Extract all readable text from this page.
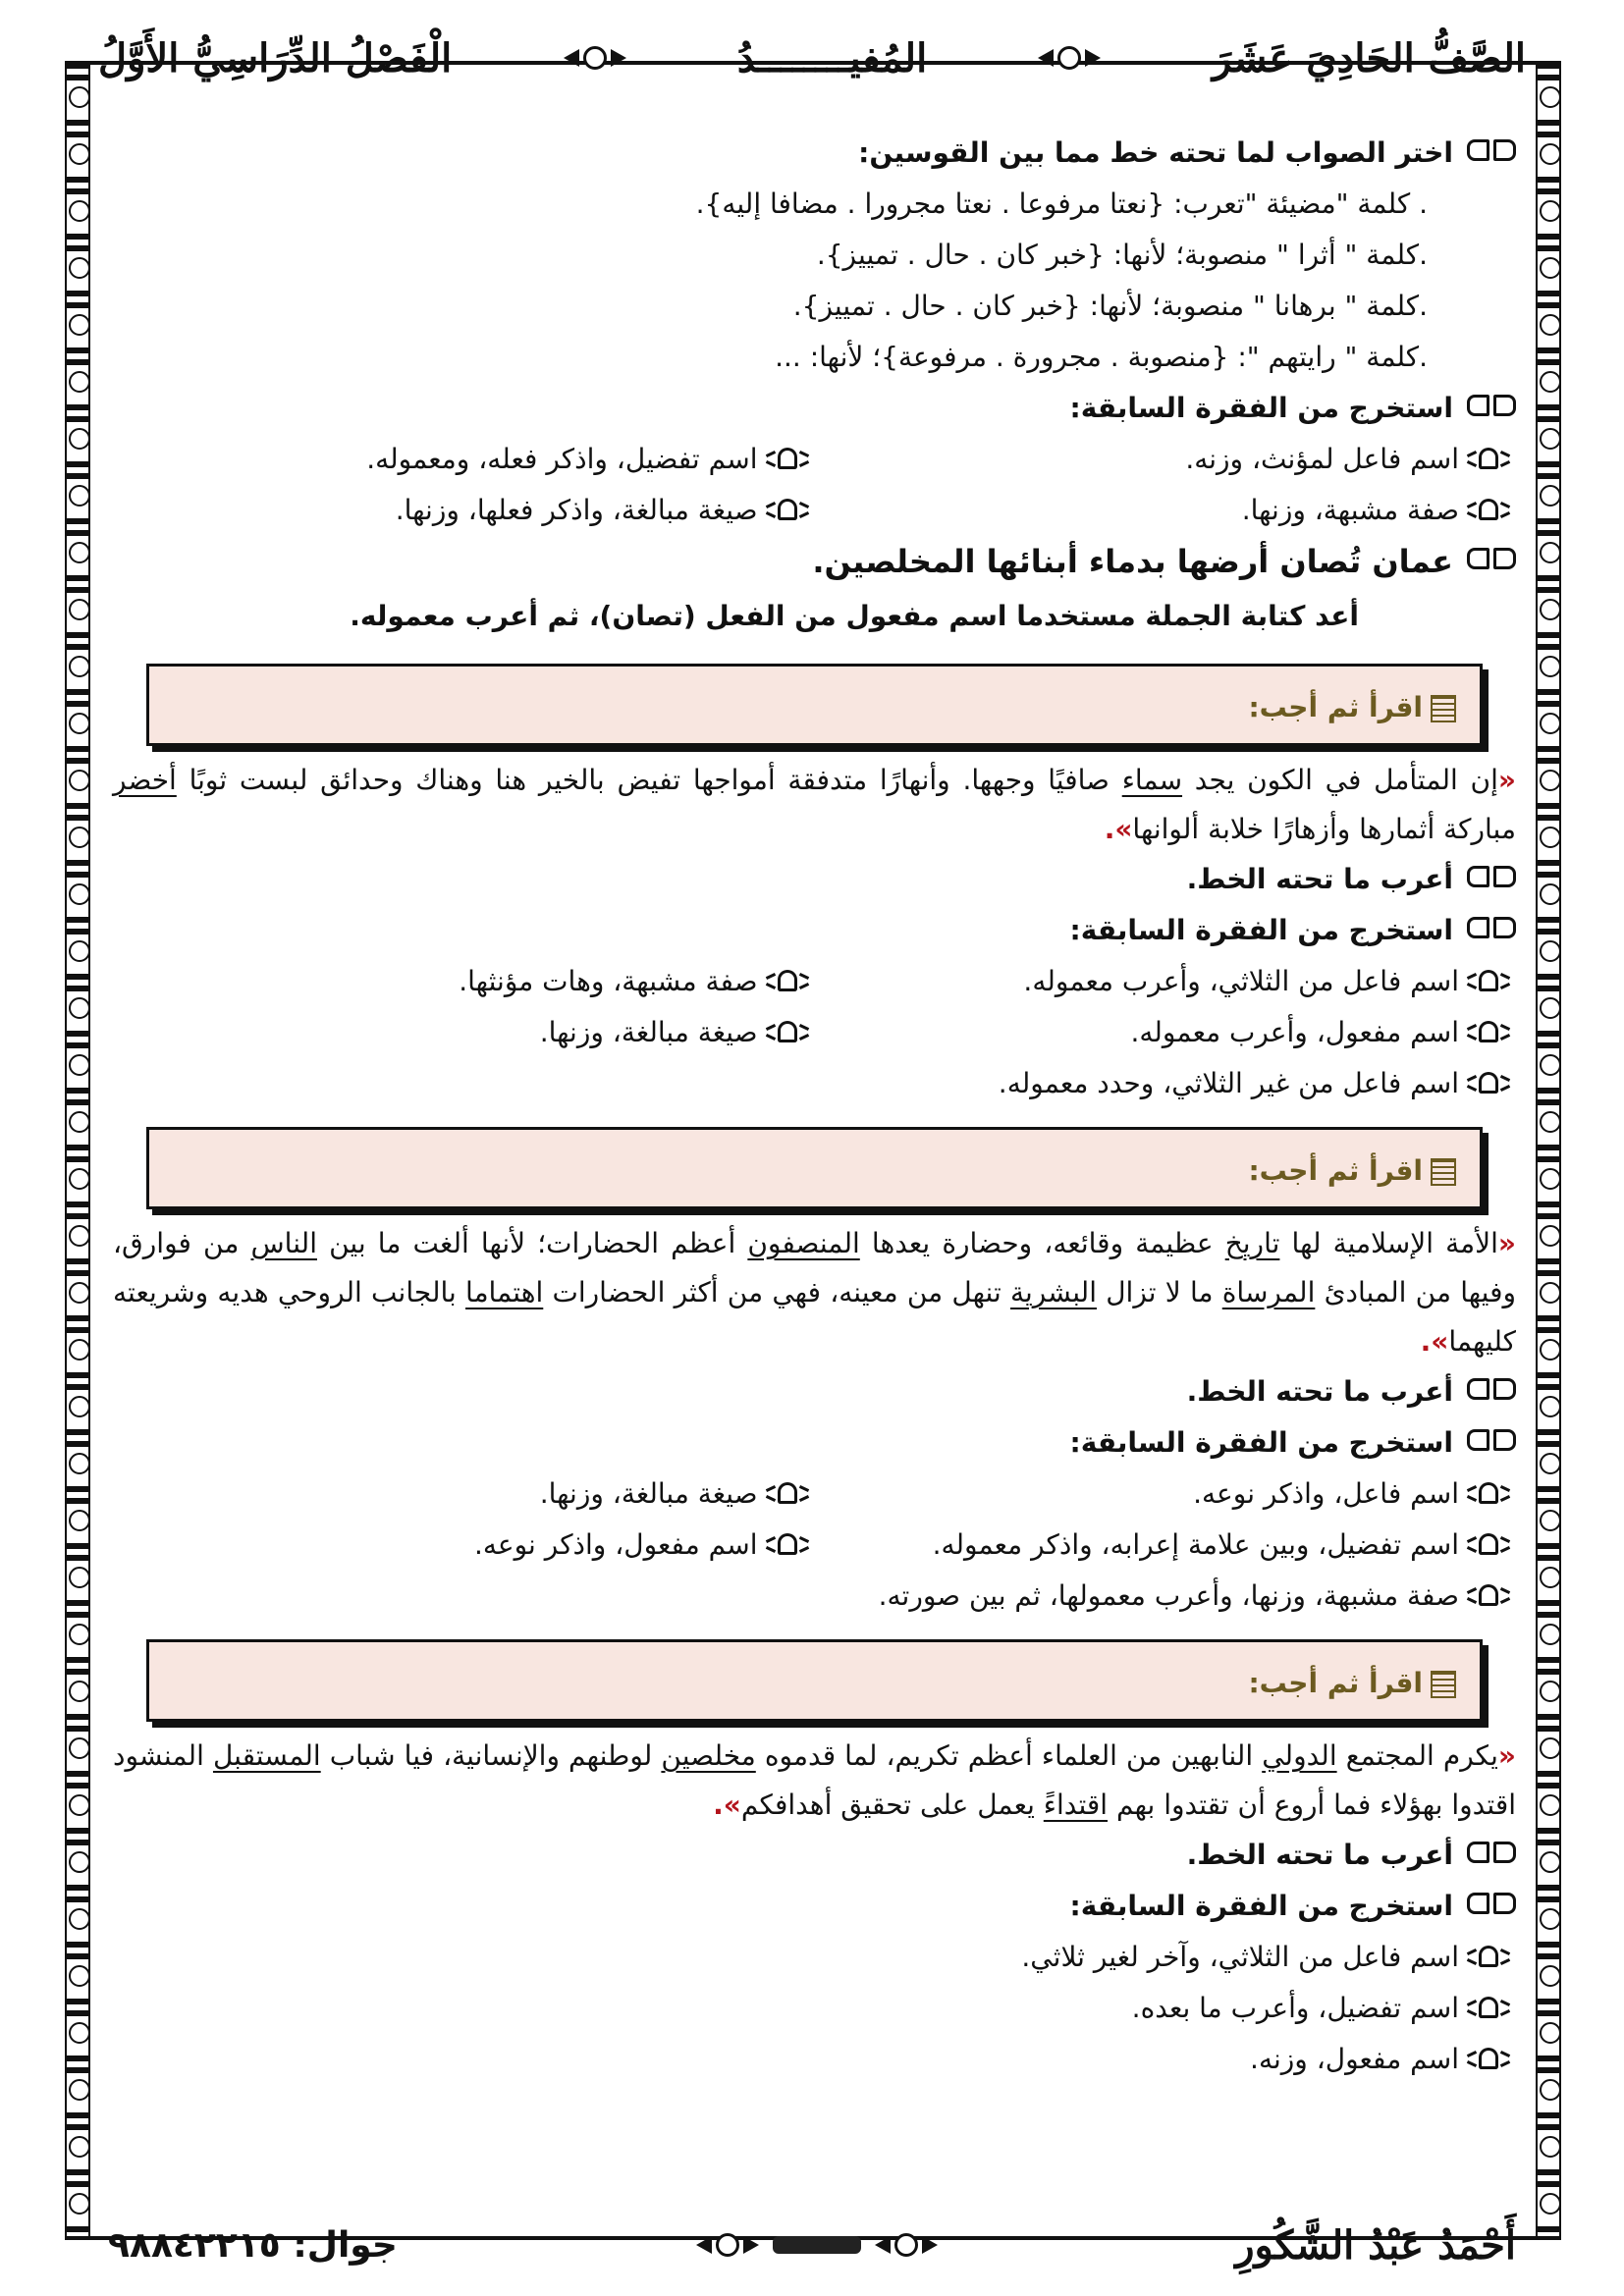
الصَّفُّ الحَادِيَ عَشَرَ
المُفيــــــــدُ
الْفَصْلُ الدِّرَاسِيُّ الأَوَّلُ
اختر الصواب لما تحته خط مما بين القوسين:
. كلمة "مضيئة "تعرب: {نعتا مرفوعا . نعتا مجرورا . مضافا إليه}.
.كلمة " أثرا " منصوبة؛ لأنها: {خبر كان . حال . تمييز}.
.كلمة " برهانا " منصوبة؛ لأنها: {خبر كان . حال . تمييز}.
.كلمة " رايتهم ": {منصوبة . مجرورة . مرفوعة}؛ لأنها: ...
استخرج من الفقرة السابقة:
اسم فاعل لمؤنث، وزنه.
اسم تفضيل، واذكر فعله، ومعموله.
صفة مشبهة، وزنها.
صيغة مبالغة، واذكر فعلها، وزنها.
عمان تُصان أرضها بدماء أبنائها المخلصين.
أعد كتابة الجملة مستخدما اسم مفعول من الفعل (تصان)، ثم أعرب معموله.
اقرأ ثم أجب:
«إن المتأمل في الكون يجد سماء صافيًا وجهها. وأنهارًا متدفقة أمواجها تفيض بالخير هنا وهناك وحدائق لبست ثوبًا أخضر مباركة أثمارها وأزهارًا خلابة ألوانها».
أعرب ما تحته الخط.
استخرج من الفقرة السابقة:
اسم فاعل من الثلاثي، وأعرب معموله.
صفة مشبهة، وهات مؤنثها.
اسم مفعول، وأعرب معموله.
صيغة مبالغة، وزنها.
اسم فاعل من غير الثلاثي، وحدد معموله.
اقرأ ثم أجب:
«الأمة الإسلامية لها تاريخ عظيمة وقائعه، وحضارة يعدها المنصفون أعظم الحضارات؛ لأنها ألغت ما بين الناس من فوارق، وفيها من المبادئ المرساة ما لا تزال البشرية تنهل من معينه، فهي من أكثر الحضارات اهتماما بالجانب الروحي هديه وشريعته كليهما».
أعرب ما تحته الخط.
استخرج من الفقرة السابقة:
اسم فاعل، واذكر نوعه.
صيغة مبالغة، وزنها.
اسم تفضيل، وبين علامة إعرابه، واذكر معموله.
اسم مفعول، واذكر نوعه.
صفة مشبهة، وزنها، وأعرب معمولها، ثم بين صورته.
اقرأ ثم أجب:
«يكرم المجتمع الدولي النابهين من العلماء أعظم تكريم، لما قدموه مخلصين لوطنهم والإنسانية، فيا شباب المستقبل المنشود اقتدوا بهؤلاء فما أروع أن تقتدوا بهم اقتداءً يعمل على تحقيق أهدافكم».
أعرب ما تحته الخط.
استخرج من الفقرة السابقة:
اسم فاعل من الثلاثي، وآخر لغير ثلاثي.
اسم تفضيل، وأعرب ما بعده.
اسم مفعول، وزنه.
أَحْمَدُ عَبْدُ الشَّكُورِ
٤٤
جوال: ٩٨٨٤٢٢١٥
